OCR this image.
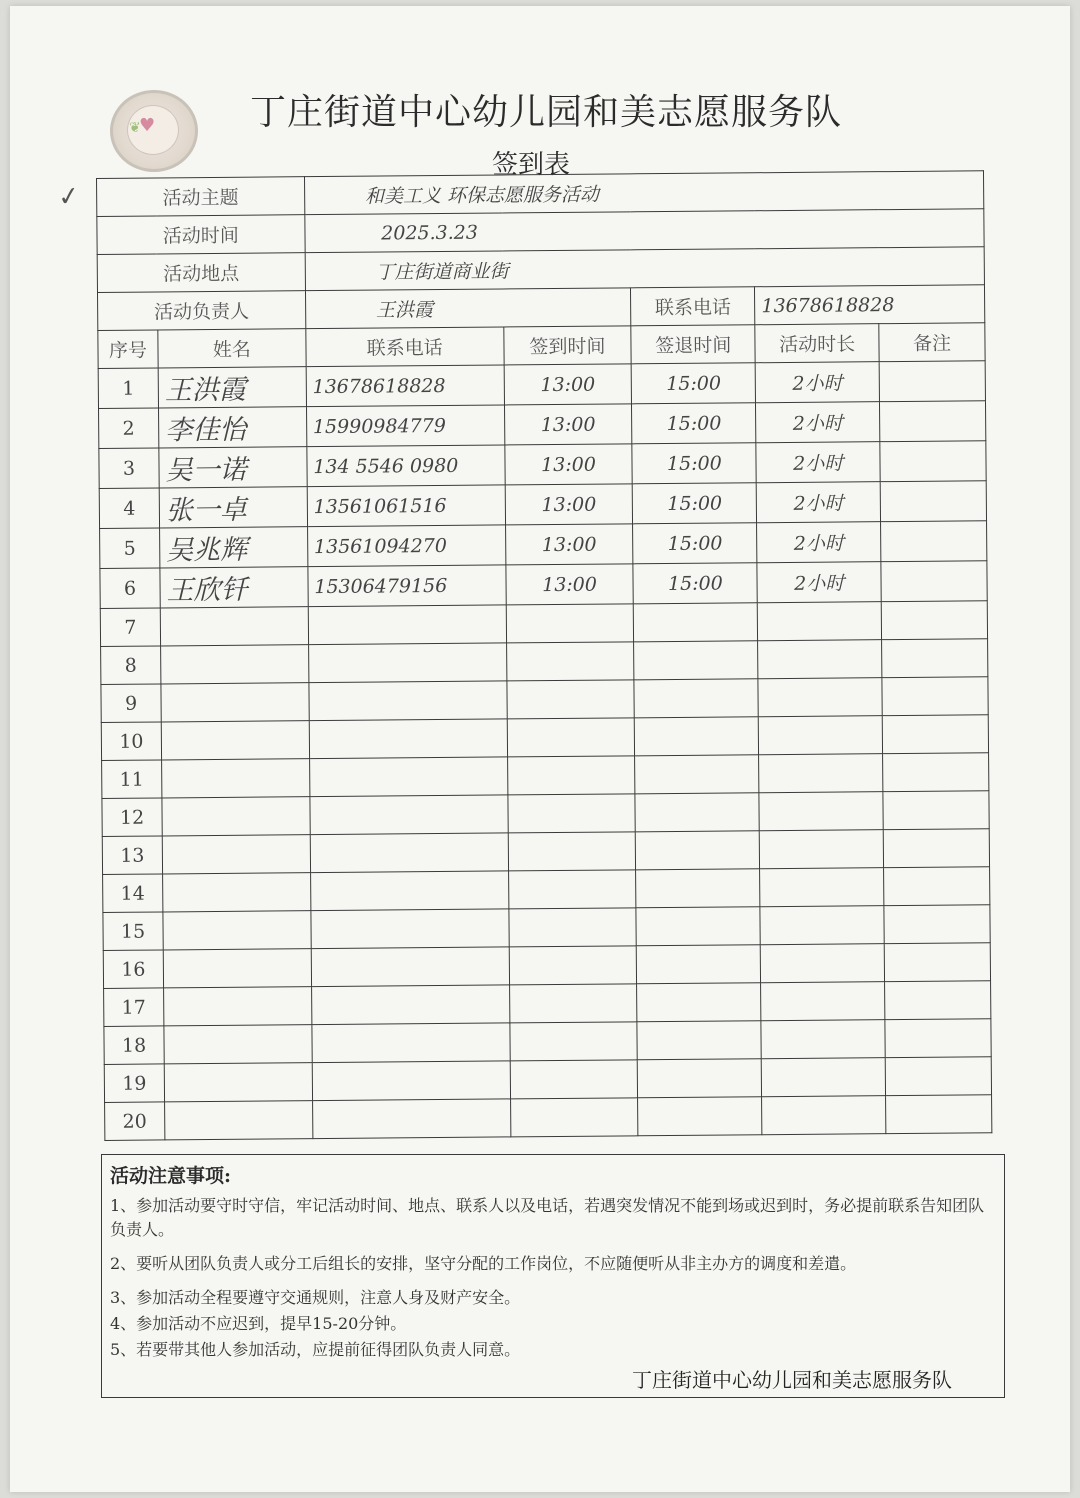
❦
♥	丁庄街道中心幼儿园和美志愿服务队
签到表
✓	活动主题		和美工义 环保志愿服务活动				
活动时间		2025.3.23				
活动地点		丁庄街道商业街				
活动负责人		王洪霞		联系电话	13678618828	
序号	姓名	联系电话	签到时间	签退时间	活动时长	备注
1	王洪霞	13678618828	13:00	15:00	2小时	
2	李佳怡	15990984779	13:00	15:00	2小时	
3	吴一诺	134 5546 0980	13:00	15:00	2小时	
4	张一卓	13561061516	13:00	15:00	2小时	
5	吴兆辉	13561094270	13:00	15:00	2小时	
6	王欣钎	15306479156	13:00	15:00	2小时	
7						
8						
9						
10						
11						
12						
13						
14						
15						
16						
17						
18						
19						
20						
活动注意事项:

1、参加活动要守时守信，牢记活动时间、地点、联系人以及电话，若遇突发情况不能到场或迟到时，务必提前联系告知团队负责人。

2、要听从团队负责人或分工后组长的安排，坚守分配的工作岗位，不应随便听从非主办方的调度和差遣。

3、参加活动全程要遵守交通规则，注意人身及财产安全。

4、参加活动不应迟到，提早15-20分钟。

5、若要带其他人参加活动，应提前征得团队负责人同意。

丁庄街道中心幼儿园和美志愿服务队
